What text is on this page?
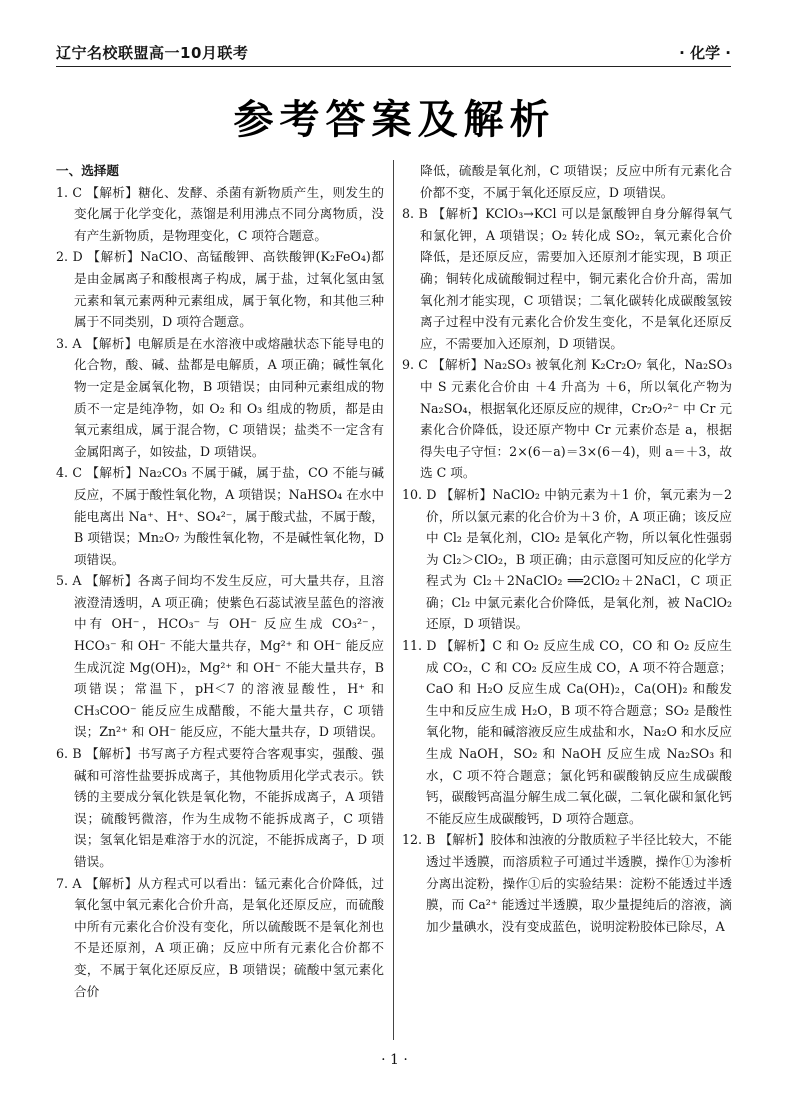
辽宁名校联盟高一10月联考	· 化学 ·
参考答案及解析

一、选择题

1. C 【解析】糖化、发酵、杀菌有新物质产生，则发生的变化属于化学变化，蒸馏是利用沸点不同分离物质，没有产生新物质，是物理变化，C 项符合题意。

2. D 【解析】NaClO、高锰酸钾、高铁酸钾(K₂FeO₄)都是由金属离子和酸根离子构成，属于盐，过氧化氢由氢元素和氧元素两种元素组成，属于氧化物，和其他三种属于不同类别，D 项符合题意。

3. A 【解析】电解质是在水溶液中或熔融状态下能导电的化合物，酸、碱、盐都是电解质，A 项正确；碱性氧化物一定是金属氧化物，B 项错误；由同种元素组成的物质不一定是纯净物，如 O₂ 和 O₃ 组成的物质，都是由氧元素组成，属于混合物，C 项错误；盐类不一定含有金属阳离子，如铵盐，D 项错误。

4. C 【解析】Na₂CO₃ 不属于碱，属于盐，CO 不能与碱反应，不属于酸性氧化物，A 项错误；NaHSO₄ 在水中能电离出 Na⁺、H⁺、SO₄²⁻，属于酸式盐，不属于酸，B 项错误；Mn₂O₇ 为酸性氧化物，不是碱性氧化物，D 项错误。

5. A 【解析】各离子间均不发生反应，可大量共存，且溶液澄清透明，A 项正确；使紫色石蕊试液呈蓝色的溶液中有 OH⁻，HCO₃⁻ 与 OH⁻ 反应生成 CO₃²⁻，HCO₃⁻ 和 OH⁻ 不能大量共存，Mg²⁺ 和 OH⁻ 能反应生成沉淀 Mg(OH)₂，Mg²⁺ 和 OH⁻ 不能大量共存，B 项错误；常温下，pH＜7 的溶液显酸性，H⁺ 和 CH₃COO⁻ 能反应生成醋酸，不能大量共存，C 项错误；Zn²⁺ 和 OH⁻ 能反应，不能大量共存，D 项错误。

6. B 【解析】书写离子方程式要符合客观事实，强酸、强碱和可溶性盐要拆成离子，其他物质用化学式表示。铁锈的主要成分氧化铁是氧化物，不能拆成离子，A 项错误；硫酸钙微溶，作为生成物不能拆成离子，C 项错误；氢氧化铝是难溶于水的沉淀，不能拆成离子，D 项错误。

7. A 【解析】从方程式可以看出：锰元素化合价降低，过氧化氢中氧元素化合价升高，是氧化还原反应，而硫酸中所有元素化合价没有变化，所以硫酸既不是氧化剂也不是还原剂，A 项正确；反应中所有元素化合价都不变，不属于氧化还原反应，B 项错误；硫酸中氢元素化合价

降低，硫酸是氧化剂，C 项错误；反应中所有元素化合价都不变，不属于氧化还原反应，D 项错误。

8. B 【解析】KClO₃→KCl 可以是氯酸钾自身分解得氧气和氯化钾，A 项错误；O₂ 转化成 SO₂，氧元素化合价降低，是还原反应，需要加入还原剂才能实现，B 项正确；铜转化成硫酸铜过程中，铜元素化合价升高，需加氧化剂才能实现，C 项错误；二氧化碳转化成碳酸氢铵离子过程中没有元素化合价发生变化，不是氧化还原反应，不需要加入还原剂，D 项错误。

9. C 【解析】Na₂SO₃ 被氧化剂 K₂Cr₂O₇ 氧化，Na₂SO₃ 中 S 元素化合价由 ＋4 升高为 ＋6，所以氧化产物为 Na₂SO₄，根据氧化还原反应的规律，Cr₂O₇²⁻ 中 Cr 元素化合价降低，设还原产物中 Cr 元素价态是 a，根据得失电子守恒：2×(6－a)＝3×(6－4)，则 a＝＋3，故选 C 项。

10. D 【解析】NaClO₂ 中钠元素为＋1 价，氧元素为－2 价，所以氯元素的化合价为＋3 价，A 项正确；该反应中 Cl₂ 是氧化剂，ClO₂ 是氧化产物，所以氧化性强弱为 Cl₂＞ClO₂，B 项正确；由示意图可知反应的化学方程式为 Cl₂＋2NaClO₂ ══2ClO₂＋2NaCl，C 项正确；Cl₂ 中氯元素化合价降低，是氧化剂，被 NaClO₂ 还原，D 项错误。

11. D 【解析】C 和 O₂ 反应生成 CO，CO 和 O₂ 反应生成 CO₂，C 和 CO₂ 反应生成 CO，A 项不符合题意；CaO 和 H₂O 反应生成 Ca(OH)₂，Ca(OH)₂ 和酸发生中和反应生成 H₂O，B 项不符合题意；SO₂ 是酸性氧化物，能和碱溶液反应生成盐和水，Na₂O 和水反应生成 NaOH，SO₂ 和 NaOH 反应生成 Na₂SO₃ 和水，C 项不符合题意；氯化钙和碳酸钠反应生成碳酸钙，碳酸钙高温分解生成二氧化碳，二氧化碳和氯化钙不能反应生成碳酸钙，D 项符合题意。

12. B 【解析】胶体和浊液的分散质粒子半径比较大，不能透过半透膜，而溶质粒子可通过半透膜，操作①为渗析分离出淀粉，操作①后的实验结果：淀粉不能透过半透膜，而 Ca²⁺ 能透过半透膜，取少量提纯后的溶液，滴加少量碘水，没有变成蓝色，说明淀粉胶体已除尽，A

· 1 ·
